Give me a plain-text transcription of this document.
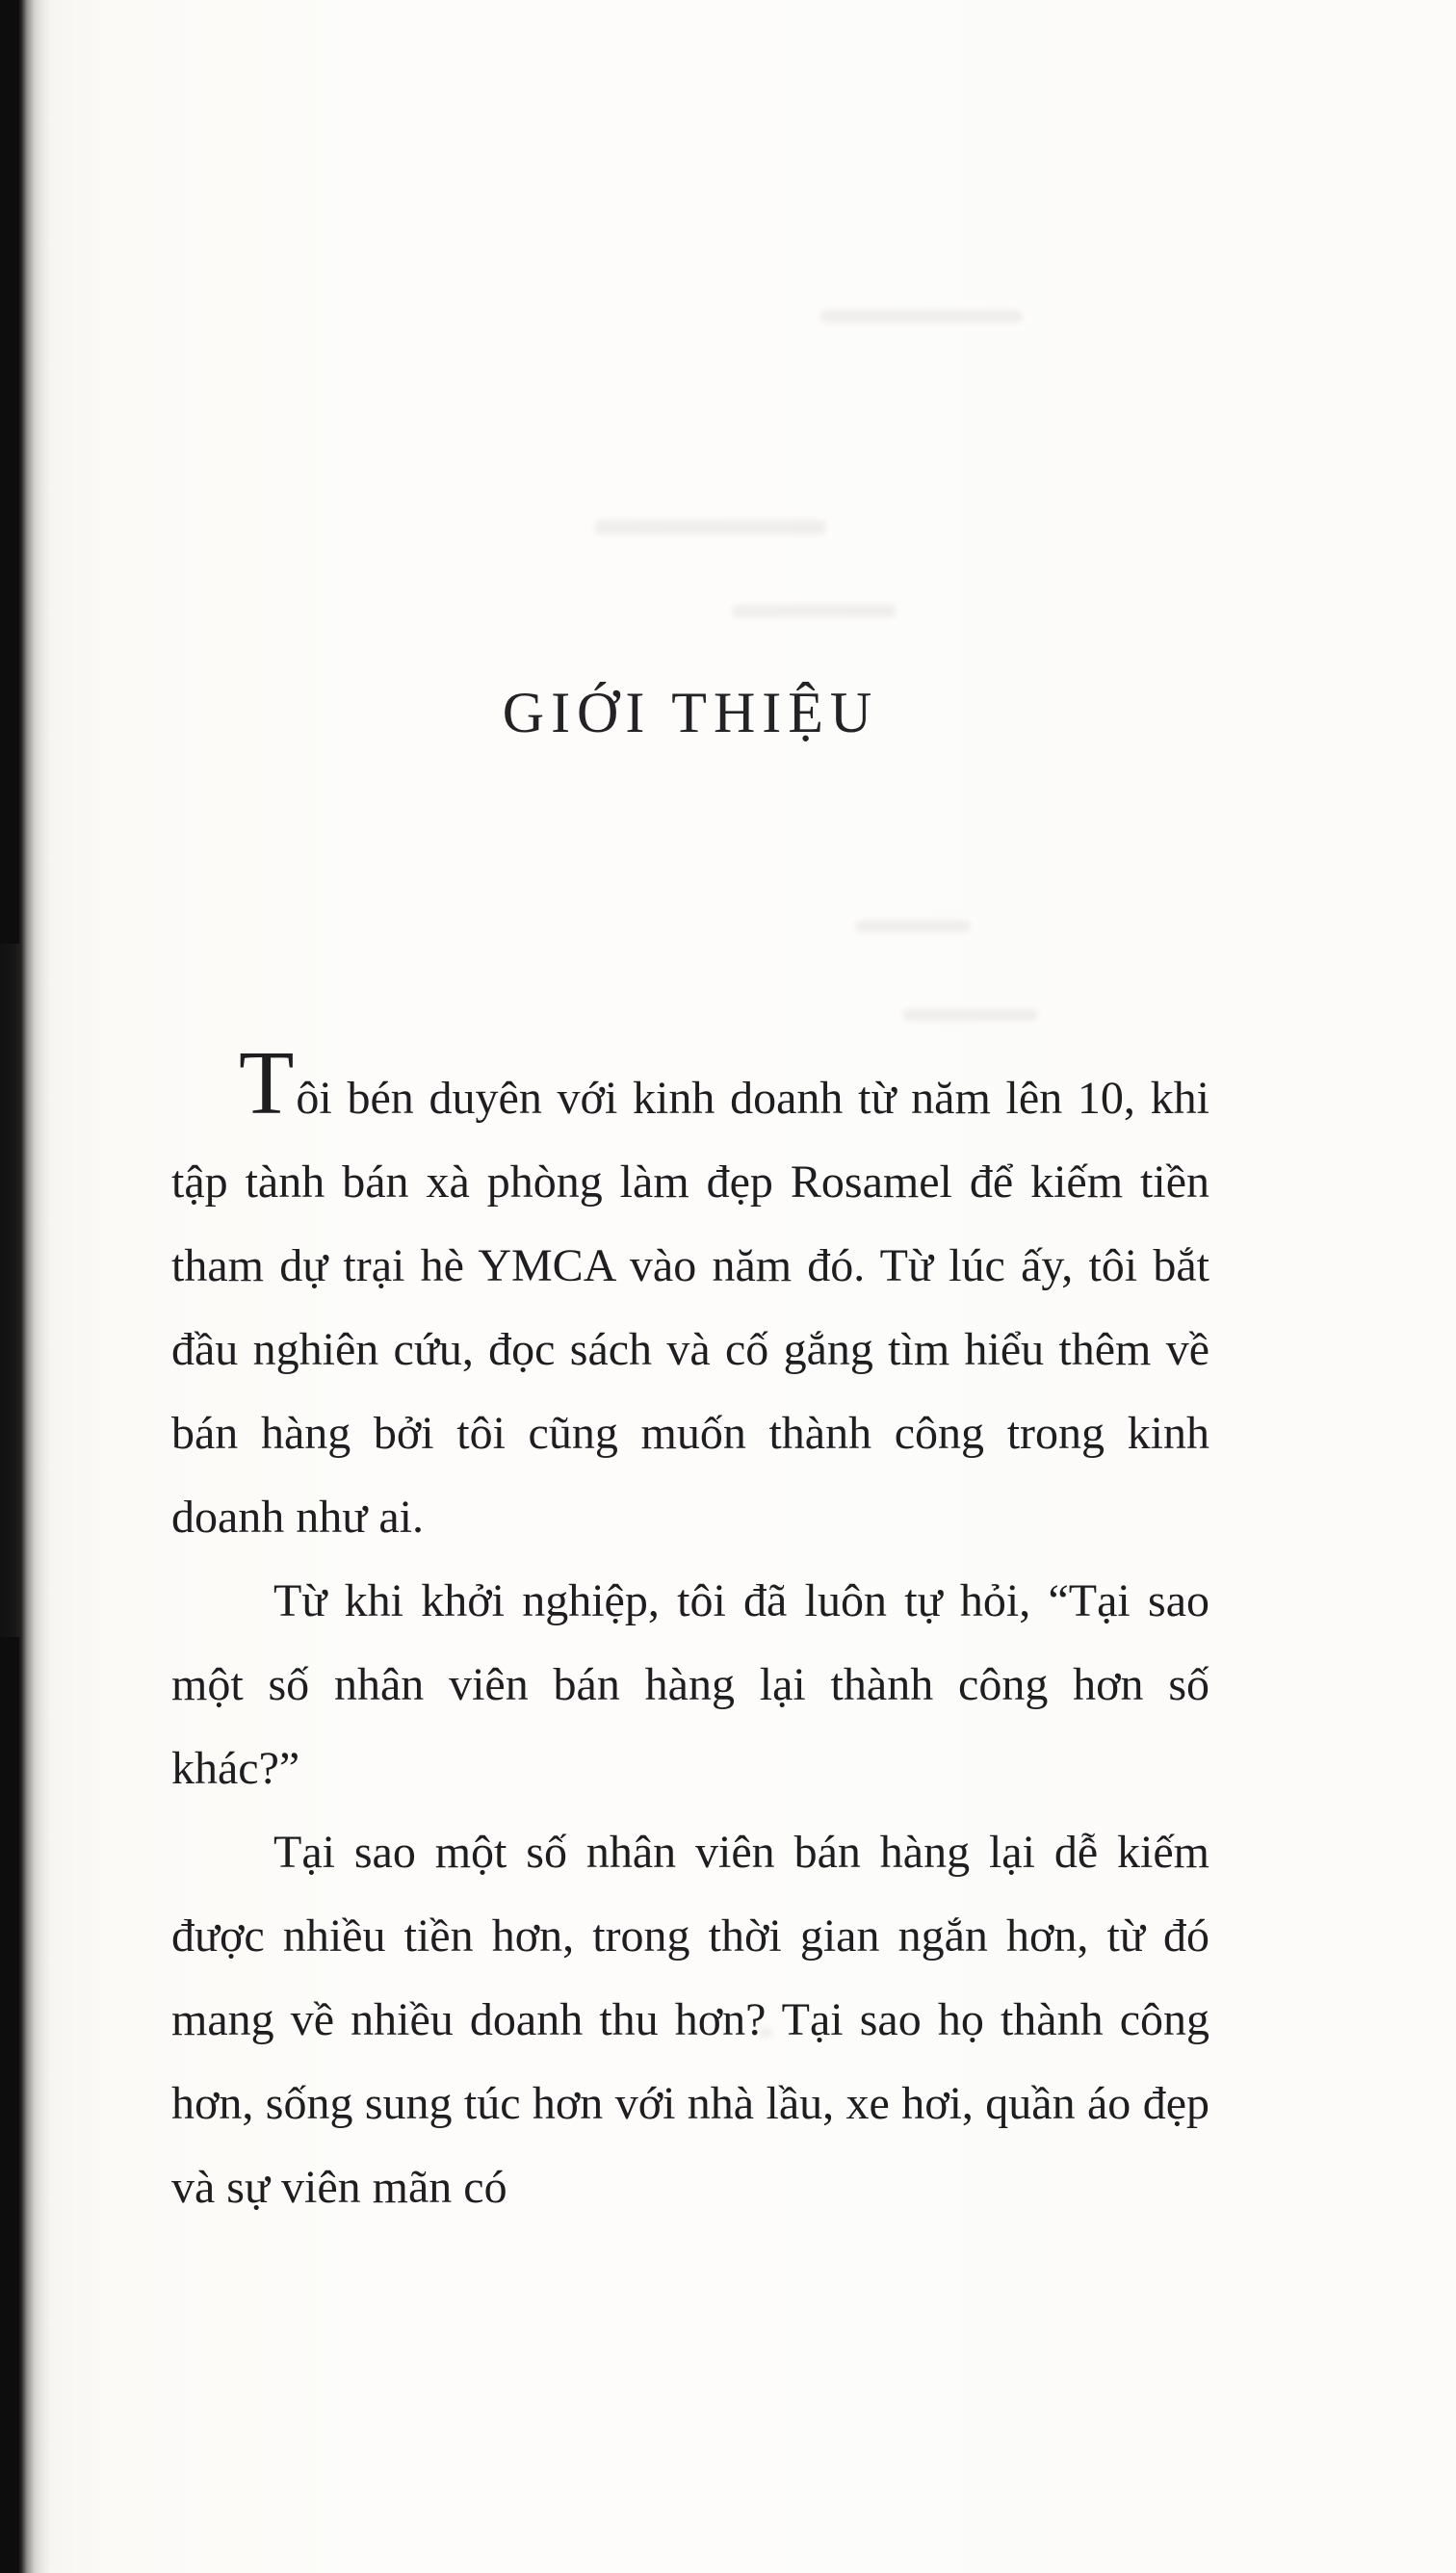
GIỚI THIỆU

Tôi bén duyên với kinh doanh từ năm lên 10, khi tập tành bán xà phòng làm đẹp Rosamel để kiếm tiền tham dự trại hè YMCA vào năm đó. Từ lúc ấy, tôi bắt đầu nghiên cứu, đọc sách và cố gắng tìm hiểu thêm về bán hàng bởi tôi cũng muốn thành công trong kinh doanh như ai.

Từ khi khởi nghiệp, tôi đã luôn tự hỏi, “Tại sao một số nhân viên bán hàng lại thành công hơn số khác?”

Tại sao một số nhân viên bán hàng lại dễ kiếm được nhiều tiền hơn, trong thời gian ngắn hơn, từ đó mang về nhiều doanh thu hơn? Tại sao họ thành công hơn, sống sung túc hơn với nhà lầu, xe hơi, quần áo đẹp và sự viên mãn có
